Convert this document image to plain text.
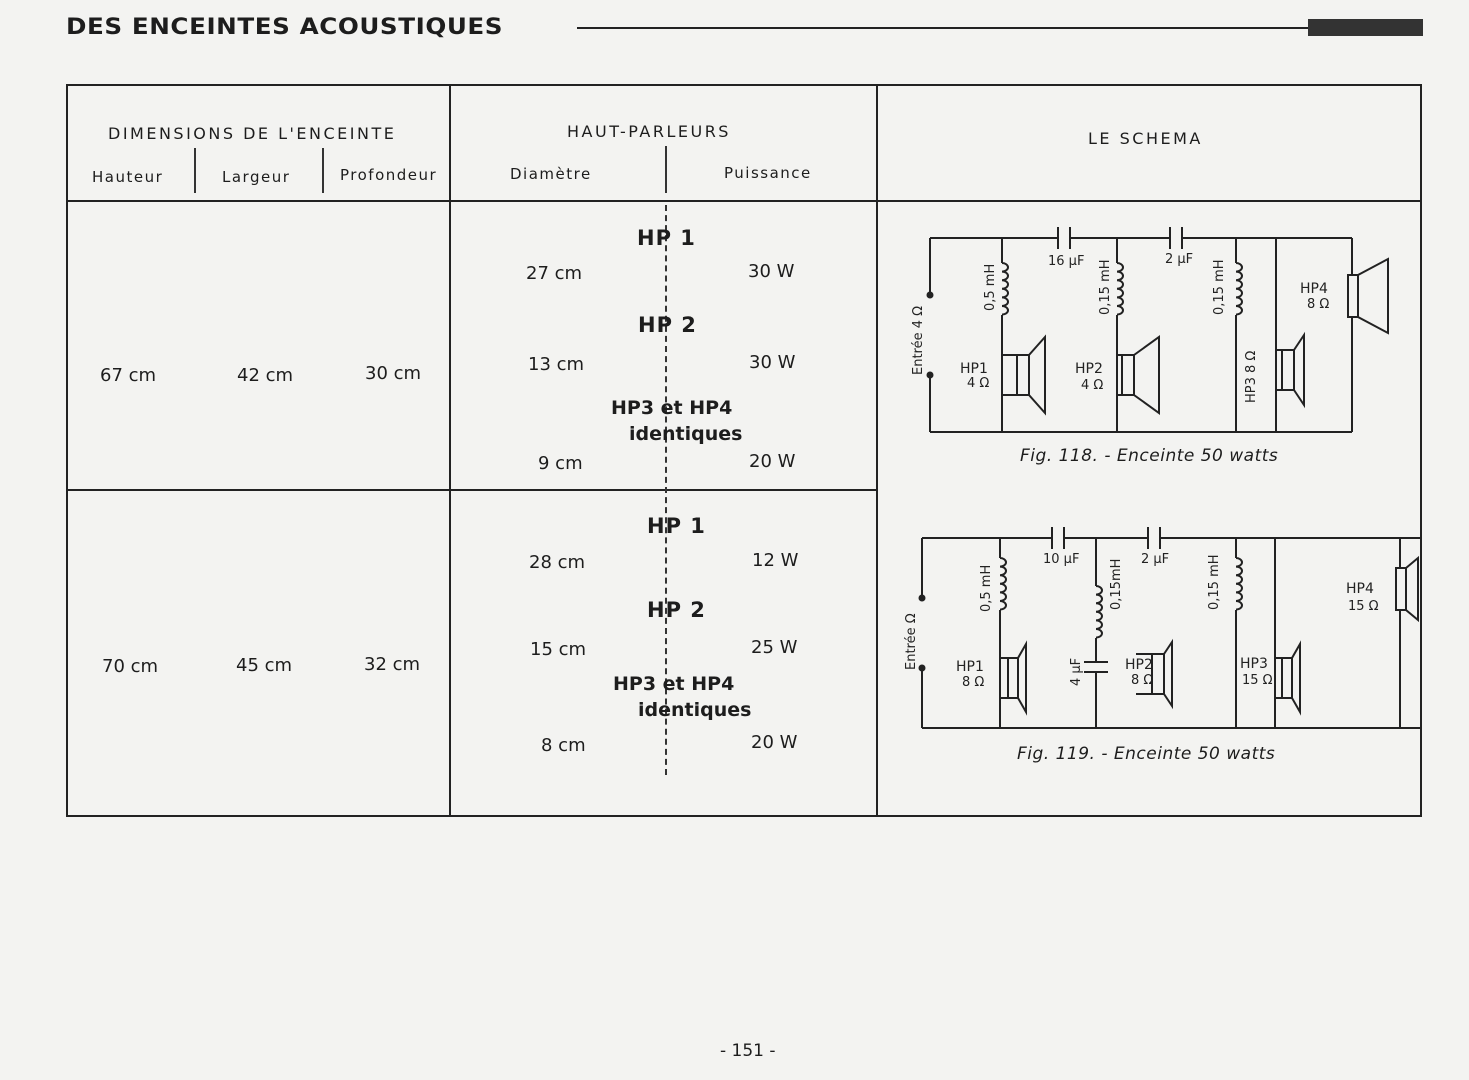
DES ENCEINTES ACOUSTIQUES
DIMENSIONS DE L'ENCEINTE	HAUT-PARLEURS	LE SCHEMA
Hauteur	Largeur	Profondeur	Diamètre	Puissance
67 cm	42 cm	30 cm
HP 1
27 cm	30 W
HP 2
13 cm	30 W
HP3 et HP4
identiques
9 cm	20 W
70 cm	45 cm	32 cm
HP 1
28 cm	12 W
HP 2
15 cm	25 W
HP3 et HP4
identiques
8 cm	20 W
Entrée 4 Ω
16 μF	2 μF
0,5 mH	0,15 mH	0,15 mH
HP1
4 Ω
HP2
4 Ω	HP3 8 Ω
HP4
8 Ω
Fig. 118. - Enceinte 50 watts
Entrée Ω
10 μF	2 μF
4 μF
0,5 mH	0,15mH	0,15 mH
HP1
8 Ω
HP2
8 Ω
HP3
15 Ω
HP4
15 Ω
Fig. 119. - Enceinte 50 watts
- 151 -
